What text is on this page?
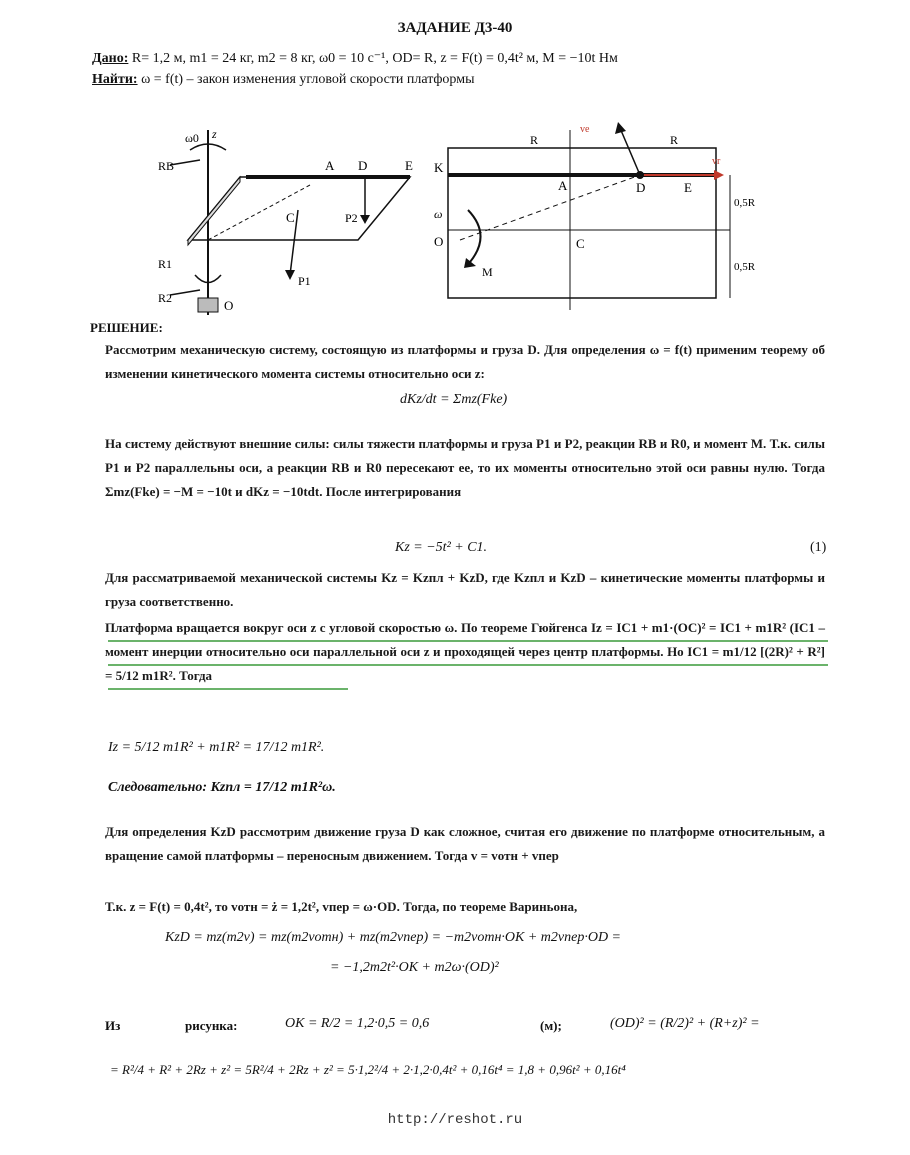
ЗАДАНИЕ Д3-40
Дано: R= 1,2 м, m1 = 24 кг, m2 = 8 кг, ω0 = 10 с⁻¹, OD= R, z = F(t) = 0,4t² м, M = −10t Нм
Найти: ω = f(t) – закон изменения угловой скорости платформы
ω0 z
RB	A D	E
C	P2
P1
R2	O
R1
R	R
ve
vr
K
A	D	E
C
O
ω
M
0,5R
0,5R
РЕШЕНИЕ:
Рассмотрим механическую систему, состоящую из платформы и груза D. Для определения ω = f(t) применим теорему об изменении кинетического момента системы относительно оси z:
dKz/dt = Σmz(Fke)
На систему действуют внешние силы: силы тяжести платформы и груза P1 и P2, реакции RB и R0, и момент M. Т.к. силы P1 и P2 параллельны оси, а реакции RB и R0 пересекают ее, то их моменты относительно этой оси равны нулю. Тогда Σmz(Fke) = −M = −10t и dKz = −10tdt. После интегрирования
Kz = −5t² + C1.	(1)
Для рассматриваемой механической системы Kz = Kzпл + KzD, где Kzпл и KzD – кинетические моменты платформы и груза соответственно.
Платформа вращается вокруг оси z с угловой скоростью ω. По теореме Гюйгенса Iz = IC1 + m1·(OC)² = IC1 + m1R² (IC1 – момент инерции относительно оси параллельной оси z и проходящей через центр платформы. Но IC1 = m1/12 [(2R)² + R²] = 5/12 m1R². Тогда
Iz = 5/12 m1R² + m1R² = 17/12 m1R².
Следовательно: Kzпл = 17/12 m1R²ω.
Для определения KzD рассмотрим движение груза D как сложное, считая его движение по платформе относительным, а вращение самой платформы – переносным движением. Тогда v = vотн + vпер
Т.к. z = F(t) = 0,4t², то vотн = ż = 1,2t², vпер = ω·OD. Тогда, по теореме Вариньона,
KzD = mz(m2v) = mz(m2vотн) + mz(m2vпер) = −m2vотн·OK + m2vпер·OD =
= −1,2m2t²·OK + m2ω·(OD)²
Из	рисунка:	OK = R/2 = 1,2·0,5 = 0,6	(м);	(OD)² = (R/2)² + (R+z)² =
= R²/4 + R² + 2Rz + z² = 5R²/4 + 2Rz + z² = 5·1,2²/4 + 2·1,2·0,4t² + 0,16t⁴ = 1,8 + 0,96t² + 0,16t⁴
http://reshot.ru
